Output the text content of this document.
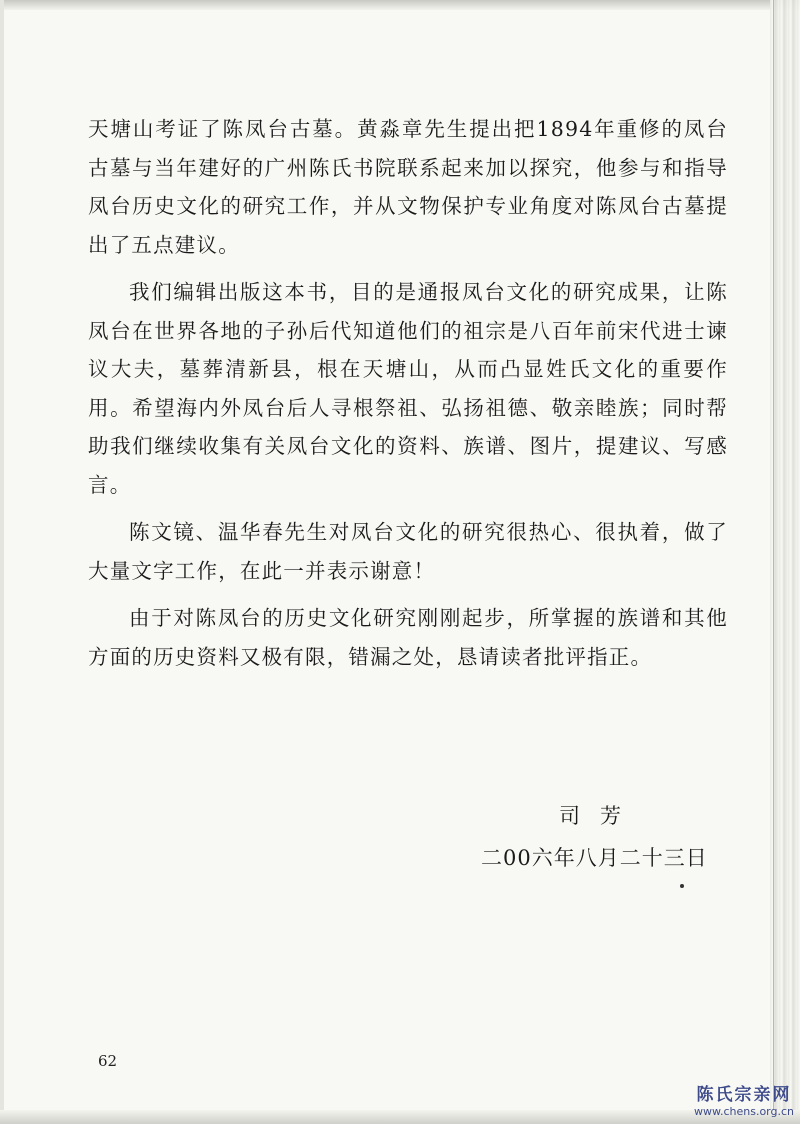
天塘山考证了陈凤台古墓。黄淼章先生提出把1894年重修的凤台古墓与当年建好的广州陈氏书院联系起来加以探究，他参与和指导凤台历史文化的研究工作，并从文物保护专业角度对陈凤台古墓提出了五点建议。

我们编辑出版这本书，目的是通报凤台文化的研究成果，让陈凤台在世界各地的子孙后代知道他们的祖宗是八百年前宋代进士谏议大夫，墓葬清新县，根在天塘山，从而凸显姓氏文化的重要作用。希望海内外凤台后人寻根祭祖、弘扬祖德、敬亲睦族；同时帮助我们继续收集有关凤台文化的资料、族谱、图片，提建议、写感言。

陈文镜、温华春先生对凤台文化的研究很热心、很执着，做了大量文字工作，在此一并表示谢意！

由于对陈凤台的历史文化研究刚刚起步，所掌握的族谱和其他方面的历史资料又极有限，错漏之处，恳请读者批评指正。

司芳
二00六年八月二十三日
62
陈氏宗亲网
www.chens.org.cn
